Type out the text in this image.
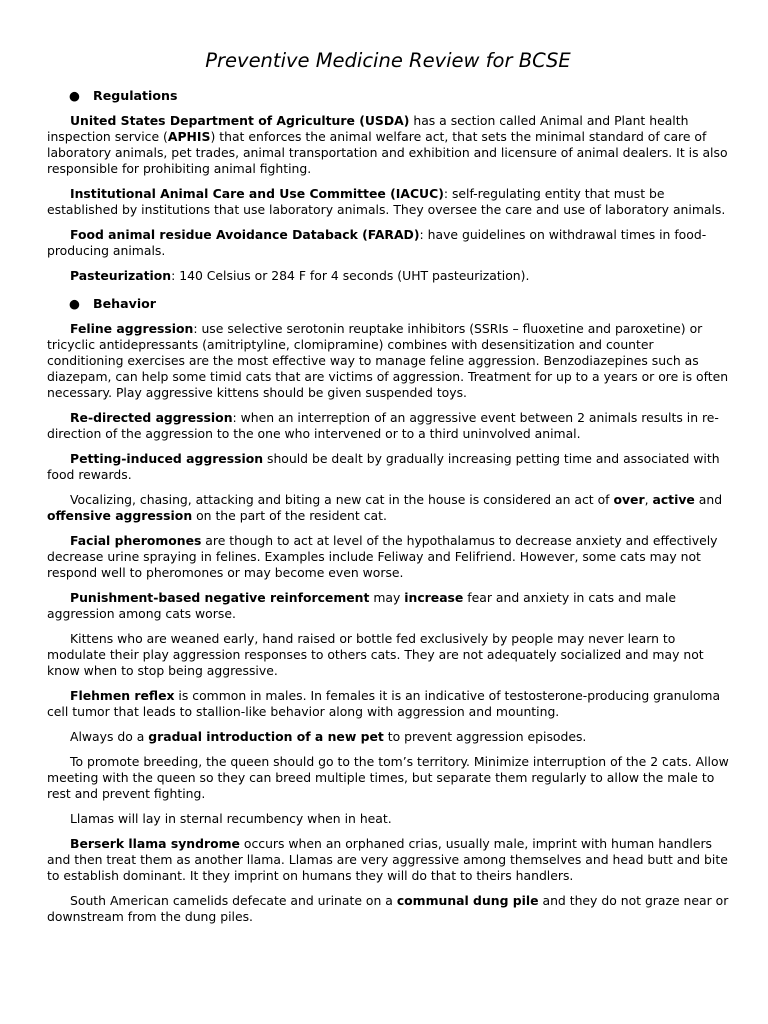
Preventive Medicine Review for BCSE
● Regulations

United States Department of Agriculture (USDA) has a section called Animal and Plant health inspection service (APHIS) that enforces the animal welfare act, that sets the minimal standard of care of laboratory animals, pet trades, animal transportation and exhibition and licensure of animal dealers. It is also responsible for prohibiting animal fighting.

Institutional Animal Care and Use Committee (IACUC): self-regulating entity that must be established by institutions that use laboratory animals. They oversee the care and use of laboratory animals.

Food animal residue Avoidance Databack (FARAD): have guidelines on withdrawal times in food-producing animals.

Pasteurization: 140 Celsius or 284 F for 4 seconds (UHT pasteurization).

● Behavior

Feline aggression: use selective serotonin reuptake inhibitors (SSRIs – fluoxetine and paroxetine) or tricyclic antidepressants (amitriptyline, clomipramine) combines with desensitization and counter conditioning exercises are the most effective way to manage feline aggression. Benzodiazepines such as diazepam, can help some timid cats that are victims of aggression. Treatment for up to a years or ore is often necessary. Play aggressive kittens should be given suspended toys.

Re-directed aggression: when an interreption of an aggressive event between 2 animals results in re-direction of the aggression to the one who intervened or to a third uninvolved animal.

Petting-induced aggression should be dealt by gradually increasing petting time and associated with food rewards.

Vocalizing, chasing, attacking and biting a new cat in the house is considered an act of over, active and offensive aggression on the part of the resident cat.

Facial pheromones are though to act at level of the hypothalamus to decrease anxiety and effectively decrease urine spraying in felines. Examples include Feliway and Felifriend. However, some cats may not respond well to pheromones or may become even worse.

Punishment-based negative reinforcement may increase fear and anxiety in cats and male aggression among cats worse.

Kittens who are weaned early, hand raised or bottle fed exclusively by people may never learn to modulate their play aggression responses to others cats. They are not adequately socialized and may not know when to stop being aggressive.

Flehmen reflex is common in males. In females it is an indicative of testosterone-producing granuloma cell tumor that leads to stallion-like behavior along with aggression and mounting.

Always do a gradual introduction of a new pet to prevent aggression episodes.

To promote breeding, the queen should go to the tom’s territory. Minimize interruption of the 2 cats. Allow meeting with the queen so they can breed multiple times, but separate them regularly to allow the male to rest and prevent fighting.

Llamas will lay in sternal recumbency when in heat.

Berserk llama syndrome occurs when an orphaned crias, usually male, imprint with human handlers and then treat them as another llama. Llamas are very aggressive among themselves and head butt and bite to establish dominant. It they imprint on humans they will do that to theirs handlers.

South American camelids defecate and urinate on a communal dung pile and they do not graze near or downstream from the dung piles.
